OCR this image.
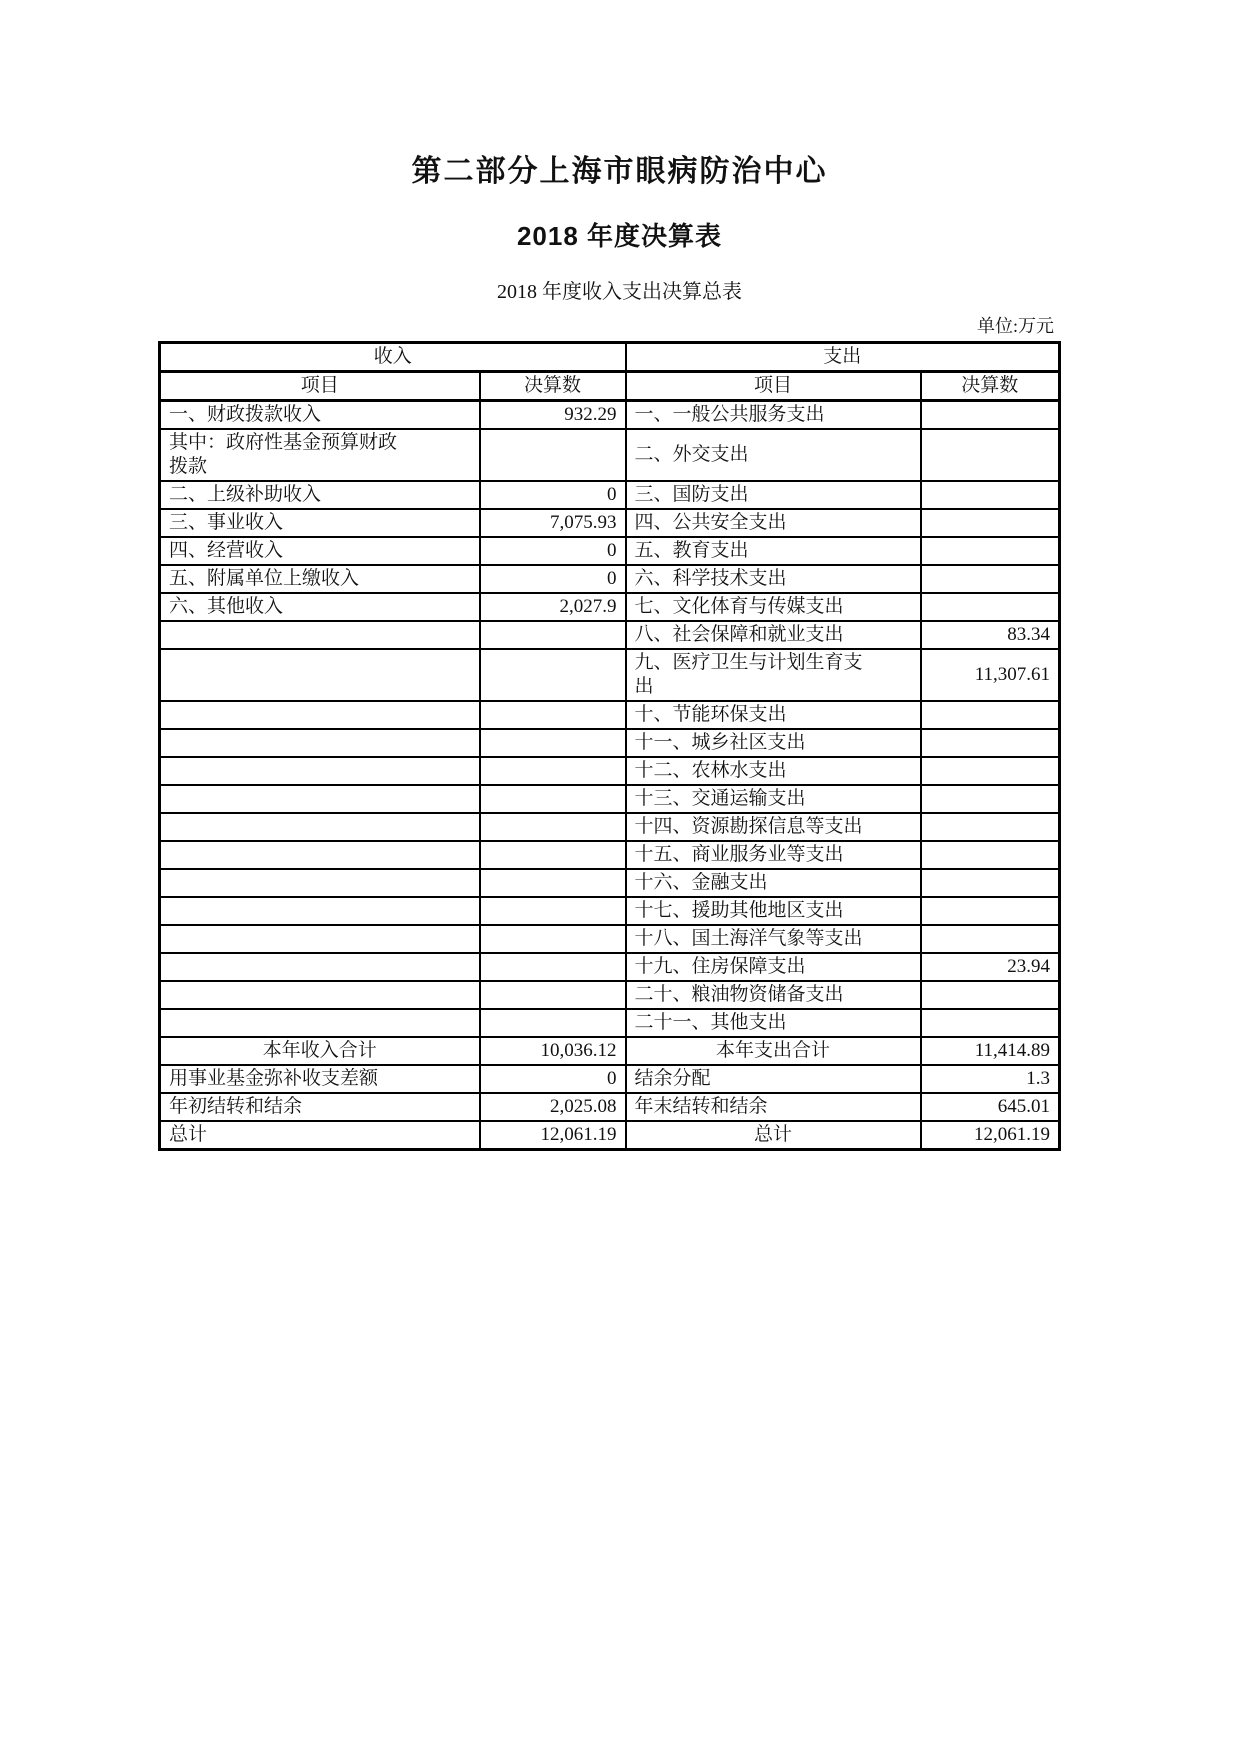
第二部分上海市眼病防治中心
2018 年度决算表
2018 年度收入支出决算总表
单位:万元
收入		支出	
项目	决算数	项目	决算数
一、财政拨款收入	932.29	一、一般公共服务支出	
其中：政府性基金预算财政拨款		二、外交支出	
二、上级补助收入	0	三、国防支出	
三、事业收入	7,075.93	四、公共安全支出	
四、经营收入	0	五、教育支出	
五、附属单位上缴收入	0	六、科学技术支出	
六、其他收入	2,027.9	七、文化体育与传媒支出	
		八、社会保障和就业支出	83.34
		九、医疗卫生与计划生育支出	11,307.61
		十、节能环保支出	
		十一、城乡社区支出	
		十二、农林水支出	
		十三、交通运输支出	
		十四、资源勘探信息等支出	
		十五、商业服务业等支出	
		十六、金融支出	
		十七、援助其他地区支出	
		十八、国土海洋气象等支出	
		十九、住房保障支出	23.94
		二十、粮油物资储备支出	
		二十一、其他支出	
本年收入合计	10,036.12	本年支出合计	11,414.89
用事业基金弥补收支差额	0	结余分配	1.3
年初结转和结余	2,025.08	年末结转和结余	645.01
总计	12,061.19	总计	12,061.19
